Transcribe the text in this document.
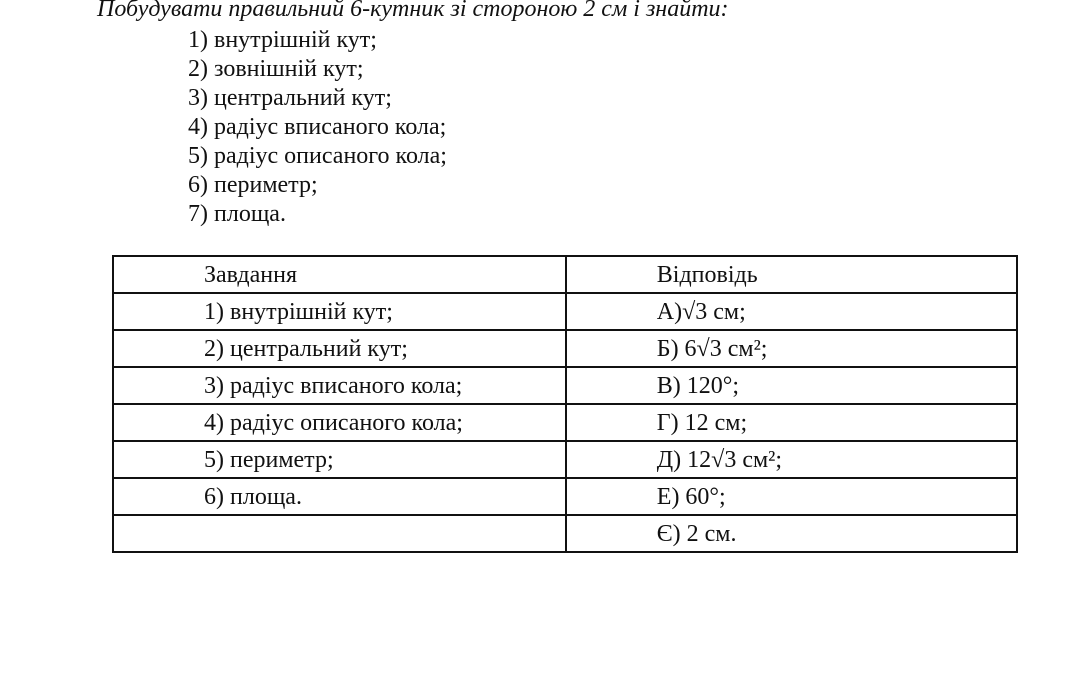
Побудувати правильний 6-кутник зі стороною 2 см і знайти:
1) внутрішній кут;
2) зовнішній кут;
3) центральний кут;
4) радіус вписаного кола;
5) радіус описаного кола;
6) периметр;
7) площа.
Завдання	Відповідь
1) внутрішній кут;	А)√3 см;
2) центральний кут;	Б) 6√3 см²;
3) радіус вписаного кола;	В) 120°;
4) радіус описаного кола;	Г) 12 см;
5) периметр;	Д) 12√3 см²;
6) площа.	Е) 60°;
	Є) 2 см.
